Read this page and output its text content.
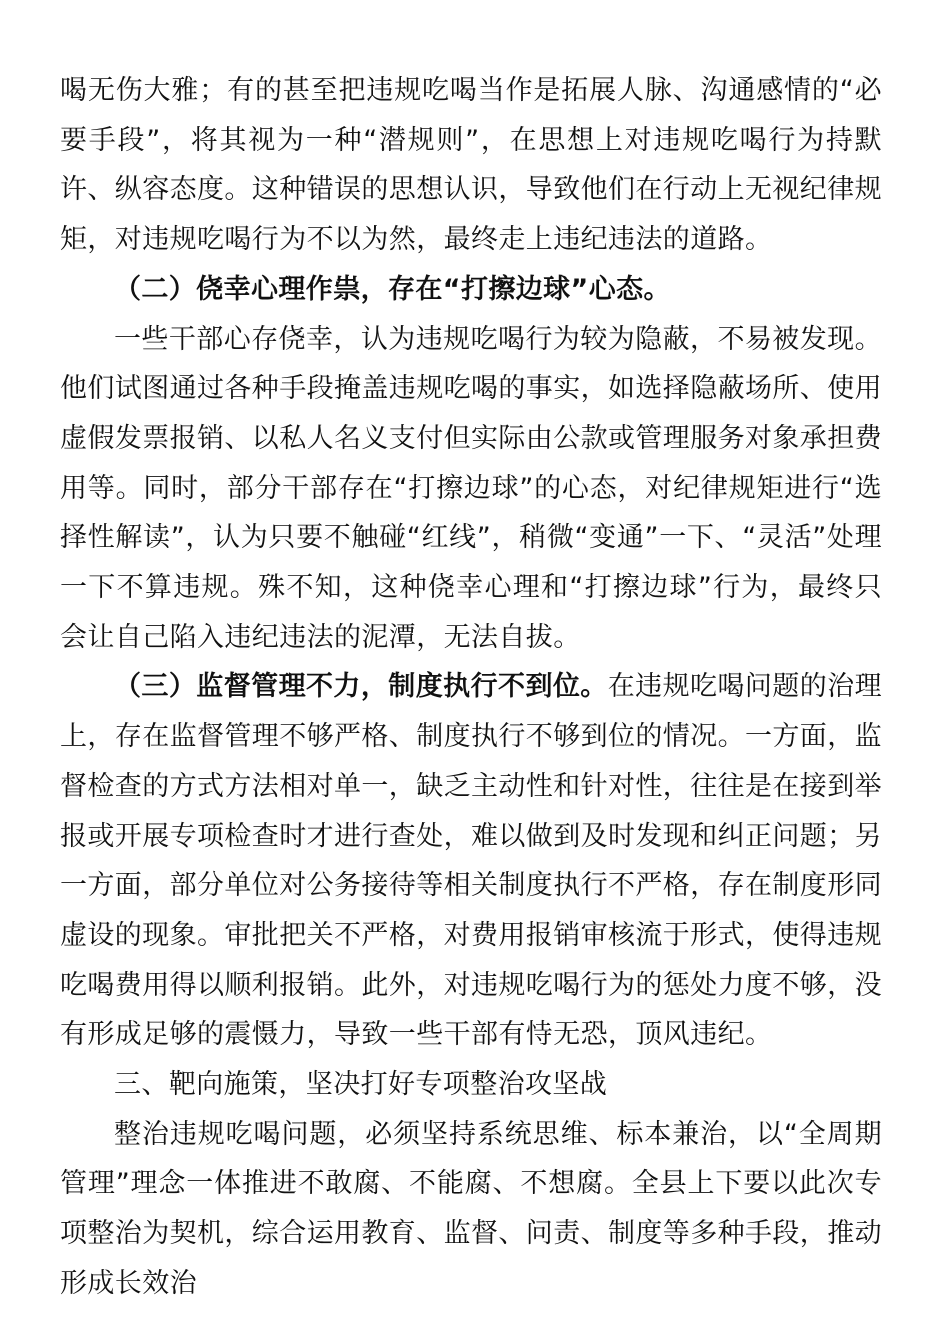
喝无伤大雅；有的甚至把违规吃喝当作是拓展人脉、沟通感情的“必要手段”，将其视为一种“潜规则”，在思想上对违规吃喝行为持默许、纵容态度。这种错误的思想认识，导致他们在行动上无视纪律规矩，对违规吃喝行为不以为然，最终走上违纪违法的道路。

（二）侥幸心理作祟，存在“打擦边球”心态。

一些干部心存侥幸，认为违规吃喝行为较为隐蔽，不易被发现。他们试图通过各种手段掩盖违规吃喝的事实，如选择隐蔽场所、使用虚假发票报销、以私人名义支付但实际由公款或管理服务对象承担费用等。同时，部分干部存在“打擦边球”的心态，对纪律规矩进行“选择性解读”，认为只要不触碰“红线”，稍微“变通”一下、“灵活”处理一下不算违规。殊不知，这种侥幸心理和“打擦边球”行为，最终只会让自己陷入违纪违法的泥潭，无法自拔。

（三）监督管理不力，制度执行不到位。在违规吃喝问题的治理上，存在监督管理不够严格、制度执行不够到位的情况。一方面，监督检查的方式方法相对单一，缺乏主动性和针对性，往往是在接到举报或开展专项检查时才进行查处，难以做到及时发现和纠正问题；另一方面，部分单位对公务接待等相关制度执行不严格，存在制度形同虚设的现象。审批把关不严格，对费用报销审核流于形式，使得违规吃喝费用得以顺利报销。此外，对违规吃喝行为的惩处力度不够，没有形成足够的震慑力，导致一些干部有恃无恐，顶风违纪。

三、靶向施策，坚决打好专项整治攻坚战

整治违规吃喝问题，必须坚持系统思维、标本兼治，以“全周期管理”理念一体推进不敢腐、不能腐、不想腐。全县上下要以此次专项整治为契机，综合运用教育、监督、问责、制度等多种手段，推动形成长效治
